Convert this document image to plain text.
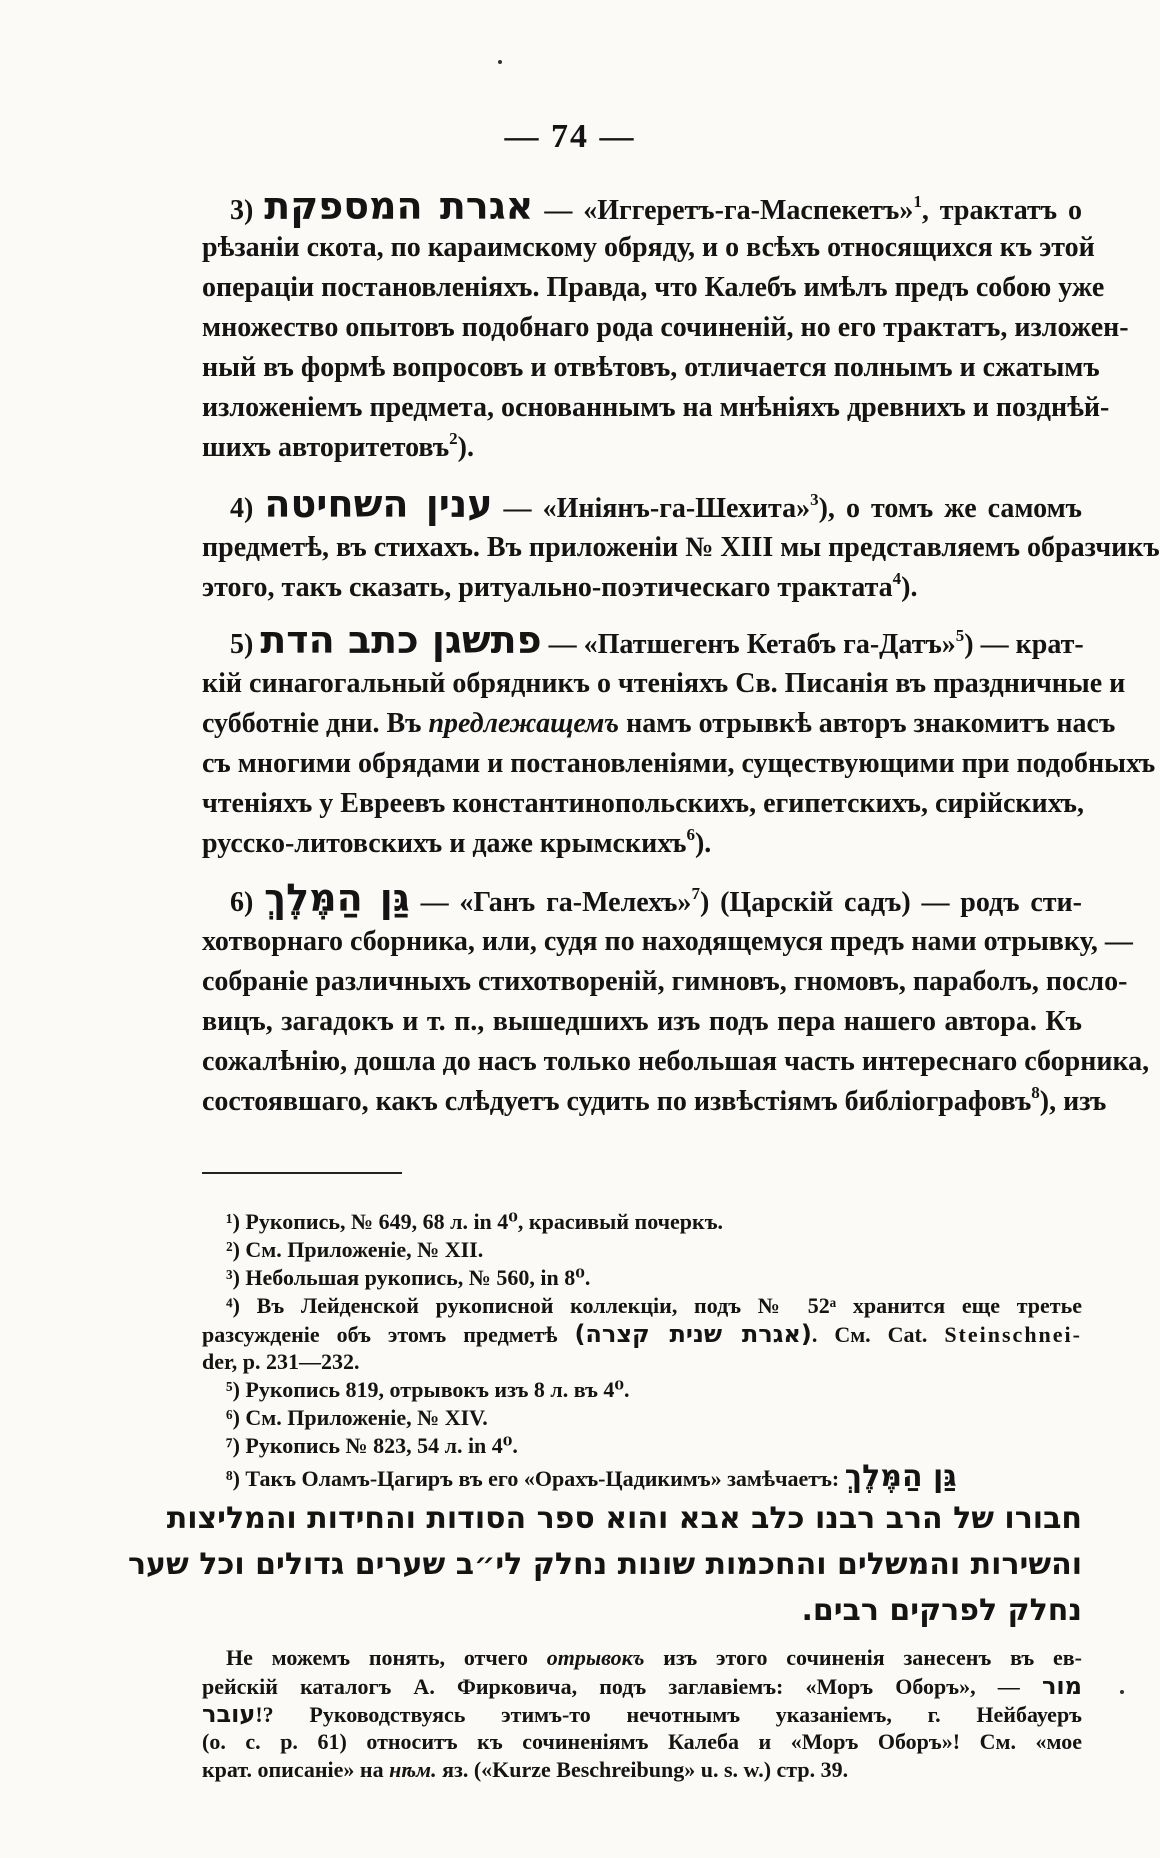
— 74 —
3) אגרת המספקת — «Иггеретъ-га-Маспекетъ»$^1$, трактатъ о
рѣзаніи скота, по караимскому обряду, и о всѣхъ относящихся къ этой
операціи постановленіяхъ. Правда, что Калебъ имѣлъ предъ собою уже
множество опытовъ подобнаго рода сочиненій, но его трактатъ, изложен-
ный въ формѣ вопросовъ и отвѣтовъ, отличается полнымъ и сжатымъ
изложеніемъ предмета, основаннымъ на мнѣніяхъ древнихъ и позднѣй-
шихъ авторитетовъ$^2$).
4) ענין השחיטה — «Иніянъ-га-Шехита»$^3$), о томъ же самомъ
предметѣ, въ стихахъ. Въ приложеніи № XIII мы представляемъ образчикъ
этого, такъ сказать, ритуально-поэтическаго трактата$^4$).
5) פתשגן כתב הדת — «Патшегенъ Кетабъ га-Датъ»$^5$) — крат-
кій синагогальный обрядникъ о чтеніяхъ Св. Писанія въ праздничные и
субботніе дни. Въ предлежащемъ намъ отрывкѣ авторъ знакомитъ насъ
съ многими обрядами и постановленіями, существующими при подобныхъ
чтеніяхъ у Евреевъ константинопольскихъ, египетскихъ, сирійскихъ,
русско-литовскихъ и даже крымскихъ$^6$).
6) גַּן הַמֶּלֶךְ — «Ганъ га-Мелехъ»$^7$) (Царскій садъ) — родъ сти-
хотворнаго сборника, или, судя по находящемуся предъ нами отрывку, —
собраніе различныхъ стихотвореній, гимновъ, гномовъ, параболъ, посло-
вицъ, загадокъ и т. п., вышедшихъ изъ подъ пера нашего автора. Къ
сожалѣнію, дошла до насъ только небольшая часть интереснаго сборника,
состоявшаго, какъ слѣдуетъ судить по извѣстіямъ библіографовъ$^8$), изъ
¹) Рукопись, № 649, 68 л. in 4⁰, красивый почеркъ.
²) См. Приложеніе, № XII.
³) Небольшая рукопись, № 560, in 8⁰.
⁴) Въ Лейденской рукописной коллекціи, подъ № 52ᵃ хранится еще третье
разсужденіе объ этомъ предметѣ (אגרת שנית קצרה). См. Cat. Steinschnei-
der, p. 231—232.
⁵) Рукопись 819, отрывокъ изъ 8 л. въ 4⁰.
⁶) См. Приложеніе, № XIV.
⁷) Рукопись № 823, 54 л. in 4⁰.
⁸) Такъ Оламъ-Цагиръ въ его «Орахъ-Цадикимъ» замѣчаетъ: גַּן הַמֶּלֶךְ
חבורו של הרב רבנו כלב אבא והוא ספר הסודות והחידות והמליצות
והשירות והמשלים והחכמות שונות נחלק לי״ב שערים גדולים וכל שער
נחלק לפרקים רבים.
Не можемъ понять, отчего отрывокъ изъ этого сочиненія занесенъ въ ев-
рейскій каталогъ А. Фирковича, подъ заглавіемъ: «Моръ Оборъ», — מור
עובר!? Руководствуясь этимъ-то нечотнымъ указаніемъ, г. Нейбауеръ
(о. с. р. 61) относитъ къ сочиненіямъ Калеба и «Моръ Оборъ»! См. «мое
крат. описаніе» на нѣм. яз. («Kurze Beschreibung» u. s. w.) стр. 39.
